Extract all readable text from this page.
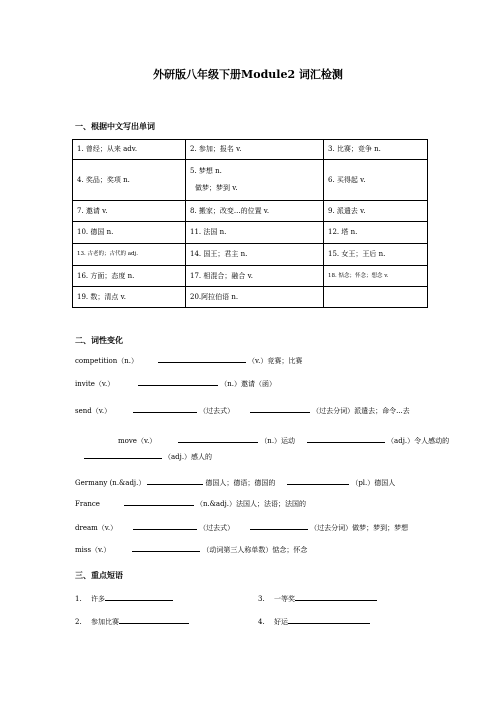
外研版八年级下册Module2 词汇检测
一、根据中文写出单词
1. 曾经；从来 adv.	2. 参加；报名 v.	3. 比赛；竞争 n.
4. 奖品；奖项 n.	5. 梦想 n.
做梦；梦到 v.	6. 买得起 v.
7. 邀请 v.	8. 搬家；改变...的位置 v.	9. 派遣去 v.
10. 德国 n.	11. 法国 n.	12. 塔 n.
13. 古老的；古代的 adj.	14. 国王；君主 n.	15. 女王；王后 n.
16. 方面；态度 n.	17. 相混合；融合 v.	18. 惦念；怀念；想念 v.
19. 数；清点 v.	20.阿拉伯语 n.	
二、词性变化
competition（n.）	（v.）竞赛；比赛
invite（v.）	（n.）邀请（函）
send（v.）	（过去式）	（过去分词）派遣去；命令...去
move（v.）	（n.）运动	（adj.）令人感动的
（adj.）感人的
Germany (n.&adj.）	德国人；德语；德国的	（pl.）德国人
France	（n.&adj.）法国人；法语；法国的
dream（v.）	（过去式）	（过去分词）做梦；梦到；梦想
miss（v.）	（动词第三人称单数）惦念；怀念
三、重点短语
1. 许多	3. 一等奖
2. 参加比赛	4. 好运
